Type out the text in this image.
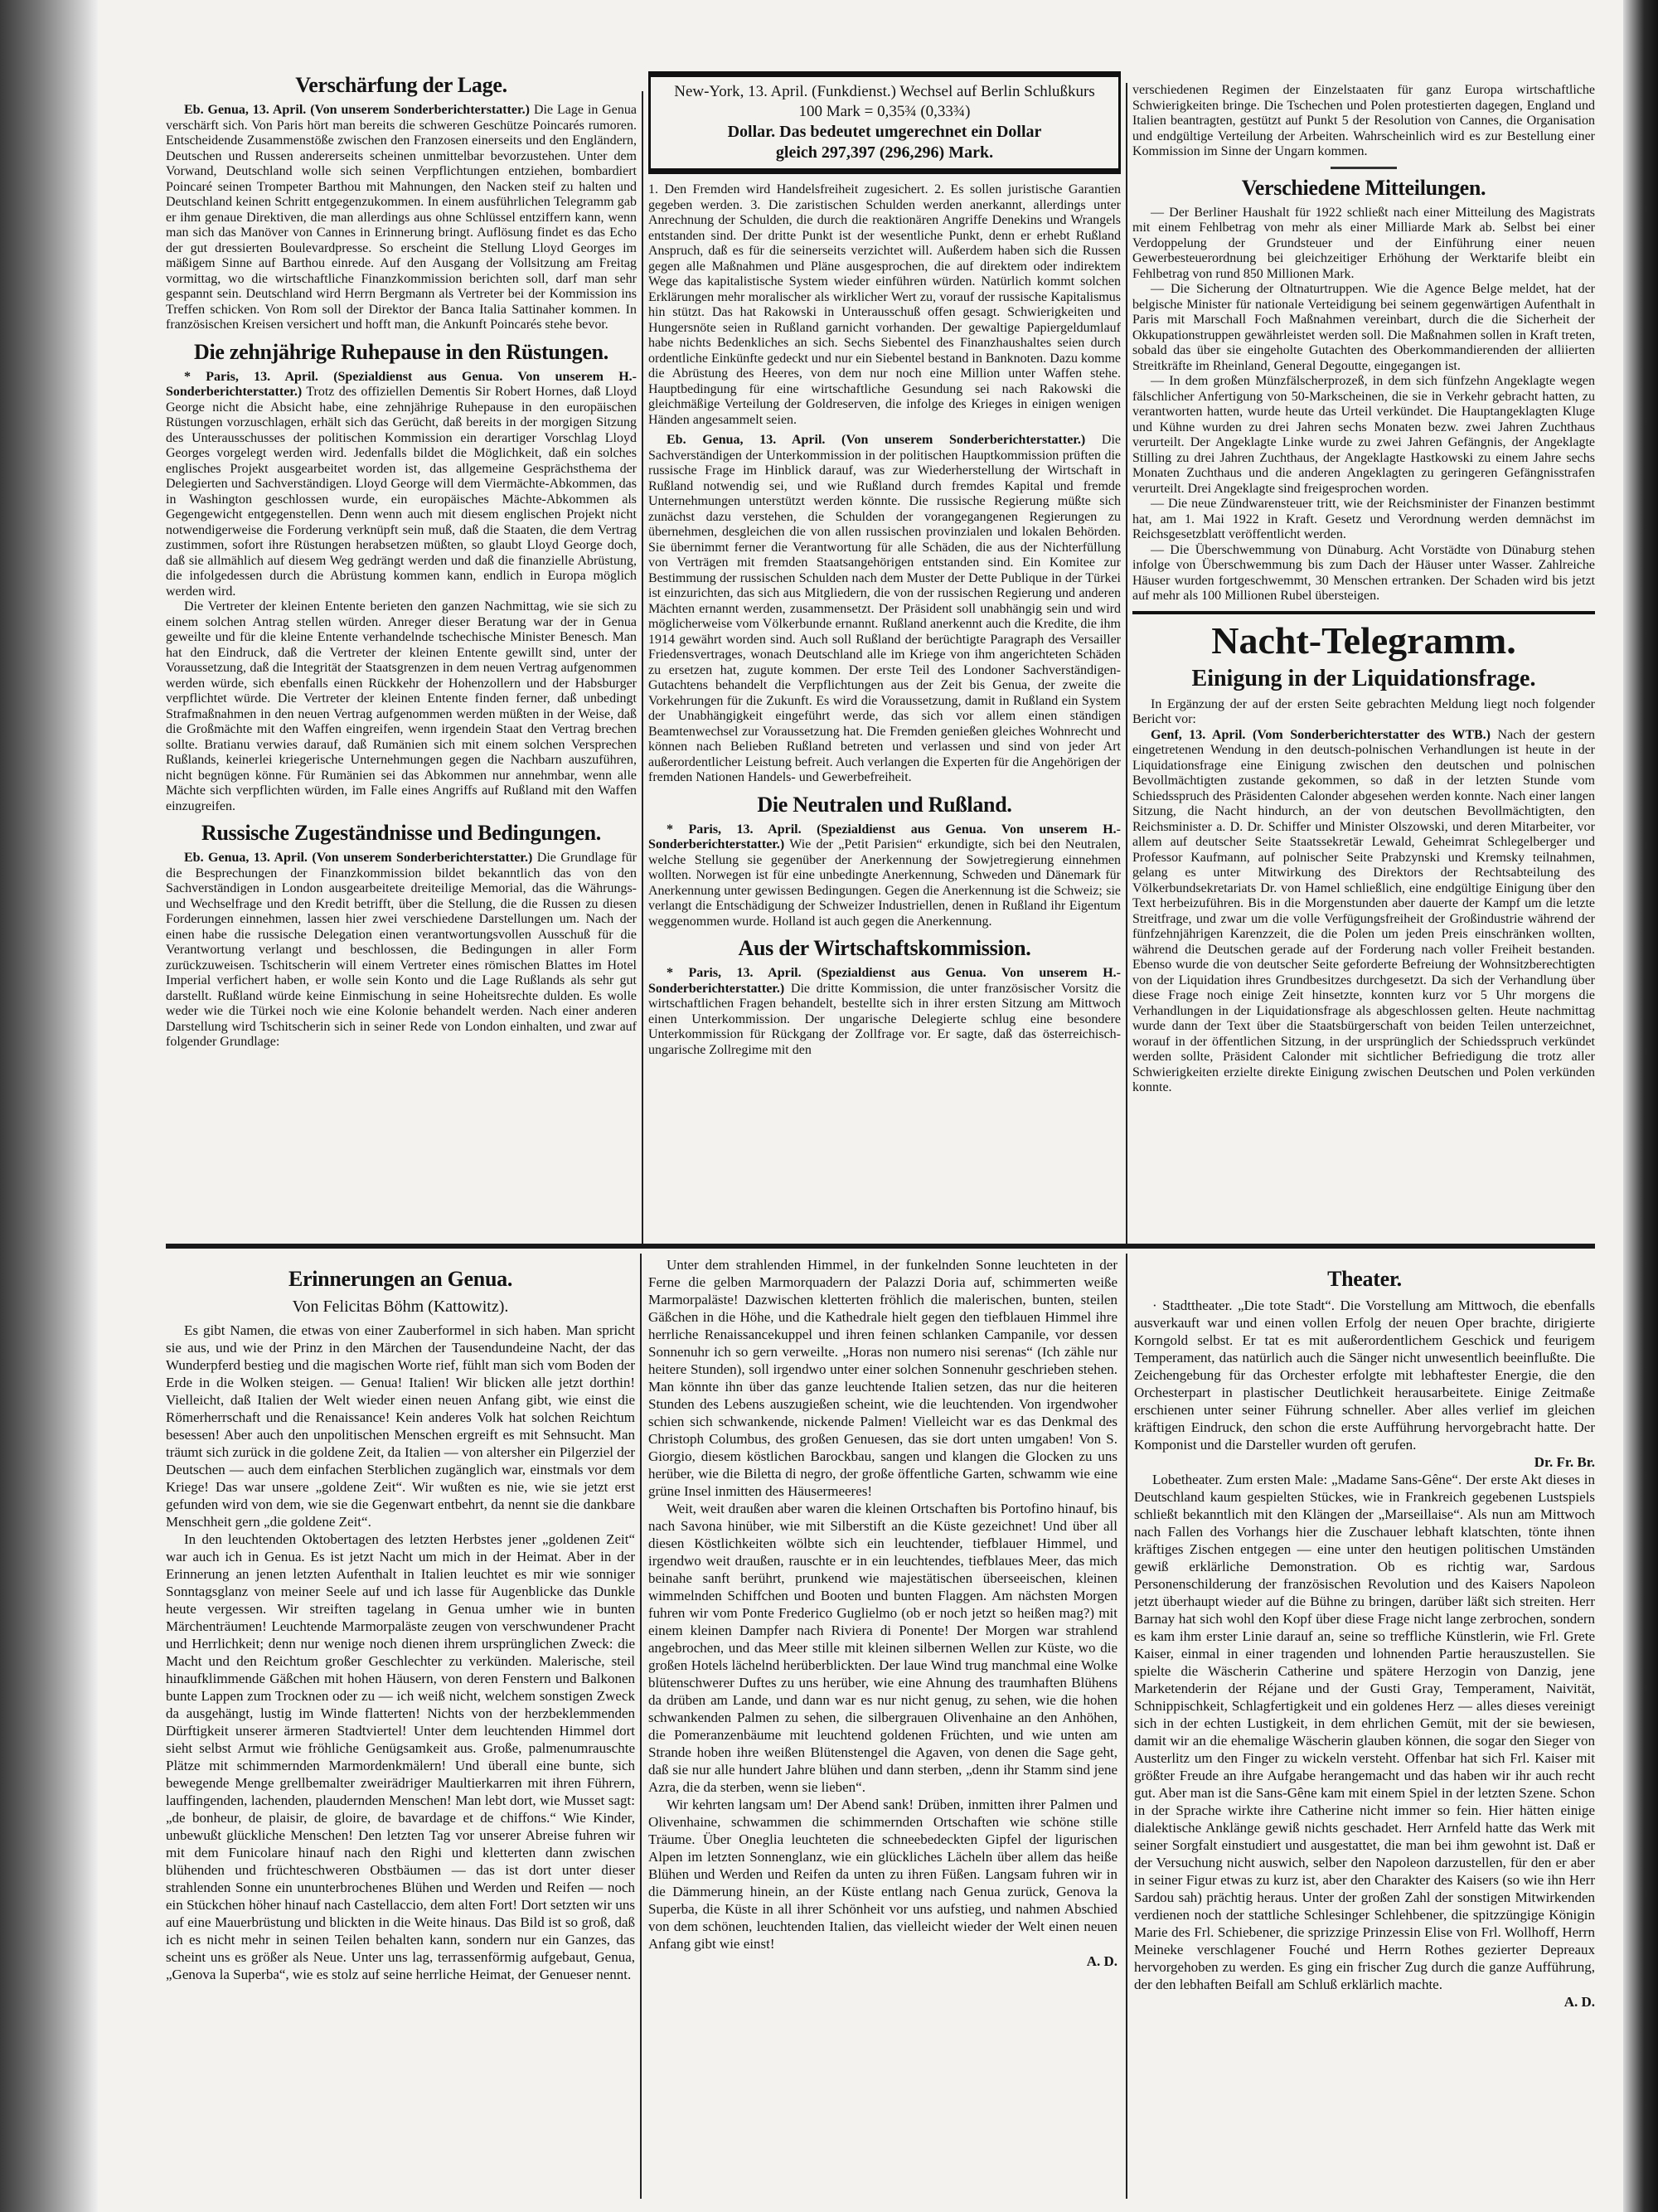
Verschärfung der Lage.

Eb. Genua, 13. April. (Von unserem Sonderberichterstatter.) Die Lage in Genua verschärft sich. Von Paris hört man bereits die schweren Geschütze Poincarés rumoren. Entscheidende Zusammenstöße zwischen den Franzosen einerseits und den Engländern, Deutschen und Russen andererseits scheinen unmittelbar bevorzustehen. Unter dem Vorwand, Deutschland wolle sich seinen Verpflichtungen entziehen, bombardiert Poincaré seinen Trompeter Barthou mit Mahnungen, den Nacken steif zu halten und Deutschland keinen Schritt entgegenzukommen. In einem ausführlichen Telegramm gab er ihm genaue Direktiven, die man allerdings aus ohne Schlüssel entziffern kann, wenn man sich das Manöver von Cannes in Erinnerung bringt. Auflösung findet es das Echo der gut dressierten Boulevardpresse. So erscheint die Stellung Lloyd Georges im mäßigem Sinne auf Barthou einrede. Auf den Ausgang der Vollsitzung am Freitag vormittag, wo die wirtschaftliche Finanzkommission berichten soll, darf man sehr gespannt sein. Deutschland wird Herrn Bergmann als Vertreter bei der Kommission ins Treffen schicken. Von Rom soll der Direktor der Banca Italia Sattinaher kommen. In französischen Kreisen versichert und hofft man, die Ankunft Poincarés stehe bevor.

Die zehnjährige Ruhepause in den Rüstungen.

* Paris, 13. April. (Spezialdienst aus Genua. Von unserem H.-Sonderberichterstatter.) Trotz des offiziellen Dementis Sir Robert Hornes, daß Lloyd George nicht die Absicht habe, eine zehnjährige Ruhepause in den europäischen Rüstungen vorzuschlagen, erhält sich das Gerücht, daß bereits in der morgigen Sitzung des Unterausschusses der politischen Kommission ein derartiger Vorschlag Lloyd Georges vorgelegt werden wird. Jedenfalls bildet die Möglichkeit, daß ein solches englisches Projekt ausgearbeitet worden ist, das allgemeine Gesprächsthema der Delegierten und Sachverständigen. Lloyd George will dem Viermächte-Abkommen, das in Washington geschlossen wurde, ein europäisches Mächte-Abkommen als Gegengewicht entgegenstellen. Denn wenn auch mit diesem englischen Projekt nicht notwendigerweise die Forderung verknüpft sein muß, daß die Staaten, die dem Vertrag zustimmen, sofort ihre Rüstungen herabsetzen müßten, so glaubt Lloyd George doch, daß sie allmählich auf diesem Weg gedrängt werden und daß die finanzielle Abrüstung, die infolgedessen durch die Abrüstung kommen kann, endlich in Europa möglich werden wird.

Die Vertreter der kleinen Entente berieten den ganzen Nachmittag, wie sie sich zu einem solchen Antrag stellen würden. Anreger dieser Beratung war der in Genua geweilte und für die kleine Entente verhandelnde tschechische Minister Benesch. Man hat den Eindruck, daß die Vertreter der kleinen Entente gewillt sind, unter der Voraussetzung, daß die Integrität der Staatsgrenzen in dem neuen Vertrag aufgenommen werden würde, sich ebenfalls einen Rückkehr der Hohenzollern und der Habsburger verpflichtet würde. Die Vertreter der kleinen Entente finden ferner, daß unbedingt Strafmaßnahmen in den neuen Vertrag aufgenommen werden müßten in der Weise, daß die Großmächte mit den Waffen eingreifen, wenn irgendein Staat den Vertrag brechen sollte. Bratianu verwies darauf, daß Rumänien sich mit einem solchen Versprechen Rußlands, keinerlei kriegerische Unternehmungen gegen die Nachbarn auszuführen, nicht begnügen könne. Für Rumänien sei das Abkommen nur annehmbar, wenn alle Mächte sich verpflichten würden, im Falle eines Angriffs auf Rußland mit den Waffen einzugreifen.

Russische Zugeständnisse und Bedingungen.

Eb. Genua, 13. April. (Von unserem Sonderberichterstatter.) Die Grundlage für die Besprechungen der Finanzkommission bildet bekanntlich das von den Sachverständigen in London ausgearbeitete dreiteilige Memorial, das die Währungs- und Wechselfrage und den Kredit betrifft, über die Stellung, die die Russen zu diesen Forderungen einnehmen, lassen hier zwei verschiedene Darstellungen um. Nach der einen habe die russische Delegation einen verantwortungsvollen Ausschuß für die Verantwortung verlangt und beschlossen, die Bedingungen in aller Form zurückzuweisen. Tschitscherin will einem Vertreter eines römischen Blattes im Hotel Imperial verfichert haben, er wolle sein Konto und die Lage Rußlands als sehr gut darstellt. Rußland würde keine Einmischung in seine Hoheitsrechte dulden. Es wolle weder wie die Türkei noch wie eine Kolonie behandelt werden. Nach einer anderen Darstellung wird Tschitscherin sich in seiner Rede von London einhalten, und zwar auf folgender Grundlage:

New-York, 13. April. (Funkdienst.) Wechsel auf Berlin Schlußkurs 100 Mark = 0,35¾ (0,33¾)
Dollar. Das bedeutet umgerechnet ein Dollar
gleich 297,397 (296,296) Mark.

1. Den Fremden wird Handelsfreiheit zugesichert. 2. Es sollen juristische Garantien gegeben werden. 3. Die zaristischen Schulden werden anerkannt, allerdings unter Anrechnung der Schulden, die durch die reaktionären Angriffe Denekins und Wrangels entstanden sind. Der dritte Punkt ist der wesentliche Punkt, denn er erhebt Rußland Anspruch, daß es für die seinerseits verzichtet will. Außerdem haben sich die Russen gegen alle Maßnahmen und Pläne ausgesprochen, die auf direktem oder indirektem Wege das kapitalistische System wieder einführen würden. Natürlich kommt solchen Erklärungen mehr moralischer als wirklicher Wert zu, vorauf der russische Kapitalismus hin stützt. Das hat Rakowski in Unterausschuß offen gesagt. Schwierigkeiten und Hungersnöte seien in Rußland garnicht vorhanden. Der gewaltige Papiergeldumlauf habe nichts Bedenkliches an sich. Sechs Siebentel des Finanzhaushaltes seien durch ordentliche Einkünfte gedeckt und nur ein Siebentel bestand in Banknoten. Dazu komme die Abrüstung des Heeres, von dem nur noch eine Million unter Waffen stehe. Hauptbedingung für eine wirtschaftliche Gesundung sei nach Rakowski die gleichmäßige Verteilung der Goldreserven, die infolge des Krieges in einigen wenigen Händen angesammelt seien.

Eb. Genua, 13. April. (Von unserem Sonderberichterstatter.) Die Sachverständigen der Unterkommission in der politischen Hauptkommission prüften die russische Frage im Hinblick darauf, was zur Wiederherstellung der Wirtschaft in Rußland notwendig sei, und wie Rußland durch fremdes Kapital und fremde Unternehmungen unterstützt werden könnte. Die russische Regierung müßte sich zunächst dazu verstehen, die Schulden der vorangegangenen Regierungen zu übernehmen, desgleichen die von allen russischen provinzialen und lokalen Behörden. Sie übernimmt ferner die Verantwortung für alle Schäden, die aus der Nichterfüllung von Verträgen mit fremden Staatsangehörigen entstanden sind. Ein Komitee zur Bestimmung der russischen Schulden nach dem Muster der Dette Publique in der Türkei ist einzurichten, das sich aus Mitgliedern, die von der russischen Regierung und anderen Mächten ernannt werden, zusammensetzt. Der Präsident soll unabhängig sein und wird möglicherweise vom Völkerbunde ernannt. Rußland anerkennt auch die Kredite, die ihm 1914 gewährt worden sind. Auch soll Rußland der berüchtigte Paragraph des Versailler Friedensvertrages, wonach Deutschland alle im Kriege von ihm angerichteten Schäden zu ersetzen hat, zugute kommen. Der erste Teil des Londoner Sachverständigen-Gutachtens behandelt die Verpflichtungen aus der Zeit bis Genua, der zweite die Vorkehrungen für die Zukunft. Es wird die Voraussetzung, damit in Rußland ein System der Unabhängigkeit eingeführt werde, das sich vor allem einen ständigen Beamtenwechsel zur Voraussetzung hat. Die Fremden genießen gleiches Wohnrecht und können nach Belieben Rußland betreten und verlassen und sind von jeder Art außerordentlicher Leistung befreit. Auch verlangen die Experten für die Angehörigen der fremden Nationen Handels- und Gewerbefreiheit.

Die Neutralen und Rußland.

* Paris, 13. April. (Spezialdienst aus Genua. Von unserem H.-Sonderberichterstatter.) Wie der „Petit Parisien“ erkundigte, sich bei den Neutralen, welche Stellung sie gegenüber der Anerkennung der Sowjetregierung einnehmen wollten. Norwegen ist für eine unbedingte Anerkennung, Schweden und Dänemark für Anerkennung unter gewissen Bedingungen. Gegen die Anerkennung ist die Schweiz; sie verlangt die Entschädigung der Schweizer Industriellen, denen in Rußland ihr Eigentum weggenommen wurde. Holland ist auch gegen die Anerkennung.

Aus der Wirtschaftskommission.

* Paris, 13. April. (Spezialdienst aus Genua. Von unserem H.-Sonderberichterstatter.) Die dritte Kommission, die unter französischer Vorsitz die wirtschaftlichen Fragen behandelt, bestellte sich in ihrer ersten Sitzung am Mittwoch einen Unterkommission. Der ungarische Delegierte schlug eine besondere Unterkommission für Rückgang der Zollfrage vor. Er sagte, daß das österreichisch-ungarische Zollregime mit den

verschiedenen Regimen der Einzelstaaten für ganz Europa wirtschaftliche Schwierigkeiten bringe. Die Tschechen und Polen protestierten dagegen, England und Italien beantragten, gestützt auf Punkt 5 der Resolution von Cannes, die Organisation und endgültige Verteilung der Arbeiten. Wahrscheinlich wird es zur Bestellung einer Kommission im Sinne der Ungarn kommen.

Verschiedene Mitteilungen.

— Der Berliner Haushalt für 1922 schließt nach einer Mitteilung des Magistrats mit einem Fehlbetrag von mehr als einer Milliarde Mark ab. Selbst bei einer Verdoppelung der Grundsteuer und der Einführung einer neuen Gewerbesteuerordnung bei gleichzeitiger Erhöhung der Werktarife bleibt ein Fehlbetrag von rund 850 Millionen Mark.

— Die Sicherung der Oltnaturtruppen. Wie die Agence Belge meldet, hat der belgische Minister für nationale Verteidigung bei seinem gegenwärtigen Aufenthalt in Paris mit Marschall Foch Maßnahmen vereinbart, durch die die Sicherheit der Okkupationstruppen gewährleistet werden soll. Die Maßnahmen sollen in Kraft treten, sobald das über sie eingeholte Gutachten des Oberkommandierenden der alliierten Streitkräfte im Rheinland, General Degoutte, eingegangen ist.

— In dem großen Münzfälscherprozeß, in dem sich fünfzehn Angeklagte wegen fälschlicher Anfertigung von 50-Markscheinen, die sie in Verkehr gebracht hatten, zu verantworten hatten, wurde heute das Urteil verkündet. Die Hauptangeklagten Kluge und Kühne wurden zu drei Jahren sechs Monaten bezw. zwei Jahren Zuchthaus verurteilt. Der Angeklagte Linke wurde zu zwei Jahren Gefängnis, der Angeklagte Stilling zu drei Jahren Zuchthaus, der Angeklagte Hastkowski zu einem Jahre sechs Monaten Zuchthaus und die anderen Angeklagten zu geringeren Gefängnisstrafen verurteilt. Drei Angeklagte sind freigesprochen worden.

— Die neue Zündwarensteuer tritt, wie der Reichsminister der Finanzen bestimmt hat, am 1. Mai 1922 in Kraft. Gesetz und Verordnung werden demnächst im Reichsgesetzblatt veröffentlicht werden.

— Die Überschwemmung von Dünaburg. Acht Vorstädte von Dünaburg stehen infolge von Überschwemmung bis zum Dach der Häuser unter Wasser. Zahlreiche Häuser wurden fortgeschwemmt, 30 Menschen ertranken. Der Schaden wird bis jetzt auf mehr als 100 Millionen Rubel übersteigen.

Nacht-Telegramm.
Einigung in der Liquidationsfrage.

In Ergänzung der auf der ersten Seite gebrachten Meldung liegt noch folgender Bericht vor:

Genf, 13. April. (Vom Sonderberichterstatter des WTB.) Nach der gestern eingetretenen Wendung in den deutsch-polnischen Verhandlungen ist heute in der Liquidationsfrage eine Einigung zwischen den deutschen und polnischen Bevollmächtigten zustande gekommen, so daß in der letzten Stunde vom Schiedsspruch des Präsidenten Calonder abgesehen werden konnte. Nach einer langen Sitzung, die Nacht hindurch, an der von deutschen Bevollmächtigten, den Reichsminister a. D. Dr. Schiffer und Minister Olszowski, und deren Mitarbeiter, vor allem auf deutscher Seite Staatssekretär Lewald, Geheimrat Schlegelberger und Professor Kaufmann, auf polnischer Seite Prabzynski und Kremsky teilnahmen, gelang es unter Mitwirkung des Direktors der Rechtsabteilung des Völkerbundsekretariats Dr. von Hamel schließlich, eine endgültige Einigung über den Text herbeizuführen. Bis in die Morgenstunden aber dauerte der Kampf um die letzte Streitfrage, und zwar um die volle Verfügungsfreiheit der Großindustrie während der fünfzehnjährigen Karenzzeit, die die Polen um jeden Preis einschränken wollten, während die Deutschen gerade auf der Forderung nach voller Freiheit bestanden. Ebenso wurde die von deutscher Seite geforderte Befreiung der Wohnsitzberechtigten von der Liquidation ihres Grundbesitzes durchgesetzt. Da sich der Verhandlung über diese Frage noch einige Zeit hinsetzte, konnten kurz vor 5 Uhr morgens die Verhandlungen in der Liquidationsfrage als abgeschlossen gelten. Heute nachmittag wurde dann der Text über die Staatsbürgerschaft von beiden Teilen unterzeichnet, worauf in der öffentlichen Sitzung, in der ursprünglich der Schiedsspruch verkündet werden sollte, Präsident Calonder mit sichtlicher Befriedigung die trotz aller Schwierigkeiten erzielte direkte Einigung zwischen Deutschen und Polen verkünden konnte.

Erinnerungen an Genua.
Von Felicitas Böhm (Kattowitz).

Es gibt Namen, die etwas von einer Zauberformel in sich haben. Man spricht sie aus, und wie der Prinz in den Märchen der Tausendundeine Nacht, der das Wunderpferd bestieg und die magischen Worte rief, fühlt man sich vom Boden der Erde in die Wolken steigen. — Genua! Italien! Wir blicken alle jetzt dorthin! Vielleicht, daß Italien der Welt wieder einen neuen Anfang gibt, wie einst die Römerherrschaft und die Renaissance! Kein anderes Volk hat solchen Reichtum besessen! Aber auch den unpolitischen Menschen ergreift es mit Sehnsucht. Man träumt sich zurück in die goldene Zeit, da Italien — von altersher ein Pilgerziel der Deutschen — auch dem einfachen Sterblichen zugänglich war, einstmals vor dem Kriege! Das war unsere „goldene Zeit“. Wir wußten es nie, wie sie jetzt erst gefunden wird von dem, wie sie die Gegenwart entbehrt, da nennt sie die dankbare Menschheit gern „die goldene Zeit“.

In den leuchtenden Oktobertagen des letzten Herbstes jener „goldenen Zeit“ war auch ich in Genua. Es ist jetzt Nacht um mich in der Heimat. Aber in der Erinnerung an jenen letzten Aufenthalt in Italien leuchtet es mir wie sonniger Sonntagsglanz von meiner Seele auf und ich lasse für Augenblicke das Dunkle heute vergessen. Wir streiften tagelang in Genua umher wie in bunten Märchenträumen! Leuchtende Marmorpaläste zeugen von verschwundener Pracht und Herrlichkeit; denn nur wenige noch dienen ihrem ursprünglichen Zweck: die Macht und den Reichtum großer Geschlechter zu verkünden. Malerische, steil hinaufklimmende Gäßchen mit hohen Häusern, von deren Fenstern und Balkonen bunte Lappen zum Trocknen oder zu — ich weiß nicht, welchem sonstigen Zweck da ausgehängt, lustig im Winde flatterten! Nichts von der herzbeklemmenden Dürftigkeit unserer ärmeren Stadtviertel! Unter dem leuchtenden Himmel dort sieht selbst Armut wie fröhliche Genügsamkeit aus. Große, palmenumrauschte Plätze mit schimmernden Marmordenkmälern! Und überall eine bunte, sich bewegende Menge grellbemalter zweirädriger Maultierkarren mit ihren Führern, lauffingenden, lachenden, plaudernden Menschen! Man lebt dort, wie Musset sagt: „de bonheur, de plaisir, de gloire, de bavardage et de chiffons.“ Wie Kinder, unbewußt glückliche Menschen! Den letzten Tag vor unserer Abreise fuhren wir mit dem Funicolare hinauf nach den Righi und kletterten dann zwischen blühenden und früchteschweren Obstbäumen — das ist dort unter dieser strahlenden Sonne ein ununterbrochenes Blühen und Werden und Reifen — noch ein Stückchen höher hinauf nach Castellaccio, dem alten Fort! Dort setzten wir uns auf eine Mauerbrüstung und blickten in die Weite hinaus. Das Bild ist so groß, daß ich es nicht mehr in seinen Teilen behalten kann, sondern nur ein Ganzes, das scheint uns es größer als Neue. Unter uns lag, terrassenförmig aufgebaut, Genua, „Genova la Superba“, wie es stolz auf seine herrliche Heimat, der Genueser nennt.

Unter dem strahlenden Himmel, in der funkelnden Sonne leuchteten in der Ferne die gelben Marmorquadern der Palazzi Doria auf, schimmerten weiße Marmorpaläste! Dazwischen kletterten fröhlich die malerischen, bunten, steilen Gäßchen in die Höhe, und die Kathedrale hielt gegen den tiefblauen Himmel ihre herrliche Renaissancekuppel und ihren feinen schlanken Campanile, vor dessen Sonnenuhr ich so gern verweilte. „Horas non numero nisi serenas“ (Ich zähle nur heitere Stunden), soll irgendwo unter einer solchen Sonnenuhr geschrieben stehen. Man könnte ihn über das ganze leuchtende Italien setzen, das nur die heiteren Stunden des Lebens auszugießen scheint, wie die leuchtenden. Von irgendwoher schien sich schwankende, nickende Palmen! Vielleicht war es das Denkmal des Christoph Columbus, des großen Genuesen, das sie dort unten umgaben! Von S. Giorgio, diesem köstlichen Barockbau, sangen und klangen die Glocken zu uns herüber, wie die Biletta di negro, der große öffentliche Garten, schwamm wie eine grüne Insel inmitten des Häusermeeres!

Weit, weit draußen aber waren die kleinen Ortschaften bis Portofino hinauf, bis nach Savona hinüber, wie mit Silberstift an die Küste gezeichnet! Und über all diesen Köstlichkeiten wölbte sich ein leuchtender, tiefblauer Himmel, und irgendwo weit draußen, rauschte er in ein leuchtendes, tiefblaues Meer, das mich beinahe sanft berührt, prunkend wie majestätischen überseeischen, kleinen wimmelnden Schiffchen und Booten und bunten Flaggen. Am nächsten Morgen fuhren wir vom Ponte Frederico Guglielmo (ob er noch jetzt so heißen mag?) mit einem kleinen Dampfer nach Riviera di Ponente! Der Morgen war strahlend angebrochen, und das Meer stille mit kleinen silbernen Wellen zur Küste, wo die großen Hotels lächelnd herüberblickten. Der laue Wind trug manchmal eine Wolke blütenschwerer Duftes zu uns herüber, wie eine Ahnung des traumhaften Blühens da drüben am Lande, und dann war es nur nicht genug, zu sehen, wie die hohen schwankenden Palmen zu sehen, die silbergrauen Olivenhaine an den Anhöhen, die Pomeranzenbäume mit leuchtend goldenen Früchten, und wie unten am Strande hoben ihre weißen Blütenstengel die Agaven, von denen die Sage geht, daß sie nur alle hundert Jahre blühen und dann sterben, „denn ihr Stamm sind jene Azra, die da sterben, wenn sie lieben“.

Wir kehrten langsam um! Der Abend sank! Drüben, inmitten ihrer Palmen und Olivenhaine, schwammen die schimmernden Ortschaften wie schöne stille Träume. Über Oneglia leuchteten die schneebedeckten Gipfel der ligurischen Alpen im letzten Sonnenglanz, wie ein glückliches Lächeln über allem das heiße Blühen und Werden und Reifen da unten zu ihren Füßen. Langsam fuhren wir in die Dämmerung hinein, an der Küste entlang nach Genua zurück, Genova la Superba, die Küste in all ihrer Schönheit vor uns aufstieg, und nahmen Abschied von dem schönen, leuchtenden Italien, das vielleicht wieder der Welt einen neuen Anfang gibt wie einst!

A. D.
Theater.

· Stadttheater. „Die tote Stadt“. Die Vorstellung am Mittwoch, die ebenfalls ausverkauft war und einen vollen Erfolg der neuen Oper brachte, dirigierte Korngold selbst. Er tat es mit außerordentlichem Geschick und feurigem Temperament, das natürlich auch die Sänger nicht unwesentlich beeinflußte. Die Zeichengebung für das Orchester erfolgte mit lebhaftester Energie, die den Orchesterpart in plastischer Deutlichkeit herausarbeitete. Einige Zeitmaße erschienen unter seiner Führung schneller. Aber alles verlief im gleichen kräftigen Eindruck, den schon die erste Aufführung hervorgebracht hatte. Der Komponist und die Darsteller wurden oft gerufen.

Dr. Fr. Br.

Lobetheater. Zum ersten Male: „Madame Sans-Gêne“. Der erste Akt dieses in Deutschland kaum gespielten Stückes, wie in Frankreich gegebenen Lustspiels schließt bekanntlich mit den Klängen der „Marseillaise“. Als nun am Mittwoch nach Fallen des Vorhangs hier die Zuschauer lebhaft klatschten, tönte ihnen kräftiges Zischen entgegen — eine unter den heutigen politischen Umständen gewiß erklärliche Demonstration. Ob es richtig war, Sardous Personenschilderung der französischen Revolution und des Kaisers Napoleon jetzt überhaupt wieder auf die Bühne zu bringen, darüber läßt sich streiten. Herr Barnay hat sich wohl den Kopf über diese Frage nicht lange zerbrochen, sondern es kam ihm erster Linie darauf an, seine so treffliche Künstlerin, wie Frl. Grete Kaiser, einmal in einer tragenden und lohnenden Partie herauszustellen. Sie spielte die Wäscherin Catherine und spätere Herzogin von Danzig, jene Marketenderin der Réjane und der Gusti Gray, Temperament, Naivität, Schnippischkeit, Schlagfertigkeit und ein goldenes Herz — alles dieses vereinigt sich in der echten Lustigkeit, in dem ehrlichen Gemüt, mit der sie bewiesen, damit wir an die ehemalige Wäscherin glauben können, die sogar den Sieger von Austerlitz um den Finger zu wickeln versteht. Offenbar hat sich Frl. Kaiser mit größter Freude an ihre Aufgabe herangemacht und das haben wir ihr auch recht gut. Aber man ist die Sans-Gêne kam mit einem Spiel in der letzten Szene. Schon in der Sprache wirkte ihre Catherine nicht immer so fein. Hier hätten einige dialektische Anklänge gewiß nichts geschadet. Herr Arnfeld hatte das Werk mit seiner Sorgfalt einstudiert und ausgestattet, die man bei ihm gewohnt ist. Daß er der Versuchung nicht auswich, selber den Napoleon darzustellen, für den er aber in seiner Figur etwas zu kurz ist, aber den Charakter des Kaisers (so wie ihn Herr Sardou sah) prächtig heraus. Unter der großen Zahl der sonstigen Mitwirkenden verdienen noch der stattliche Schlesinger Schlehbener, die spitzzüngige Königin Marie des Frl. Schiebener, die sprizzige Prinzessin Elise von Frl. Wollhoff, Herrn Meineke verschlagener Fouché und Herrn Rothes gezierter Depreaux hervorgehoben zu werden. Es ging ein frischer Zug durch die ganze Aufführung, der den lebhaften Beifall am Schluß erklärlich machte.

A. D.
